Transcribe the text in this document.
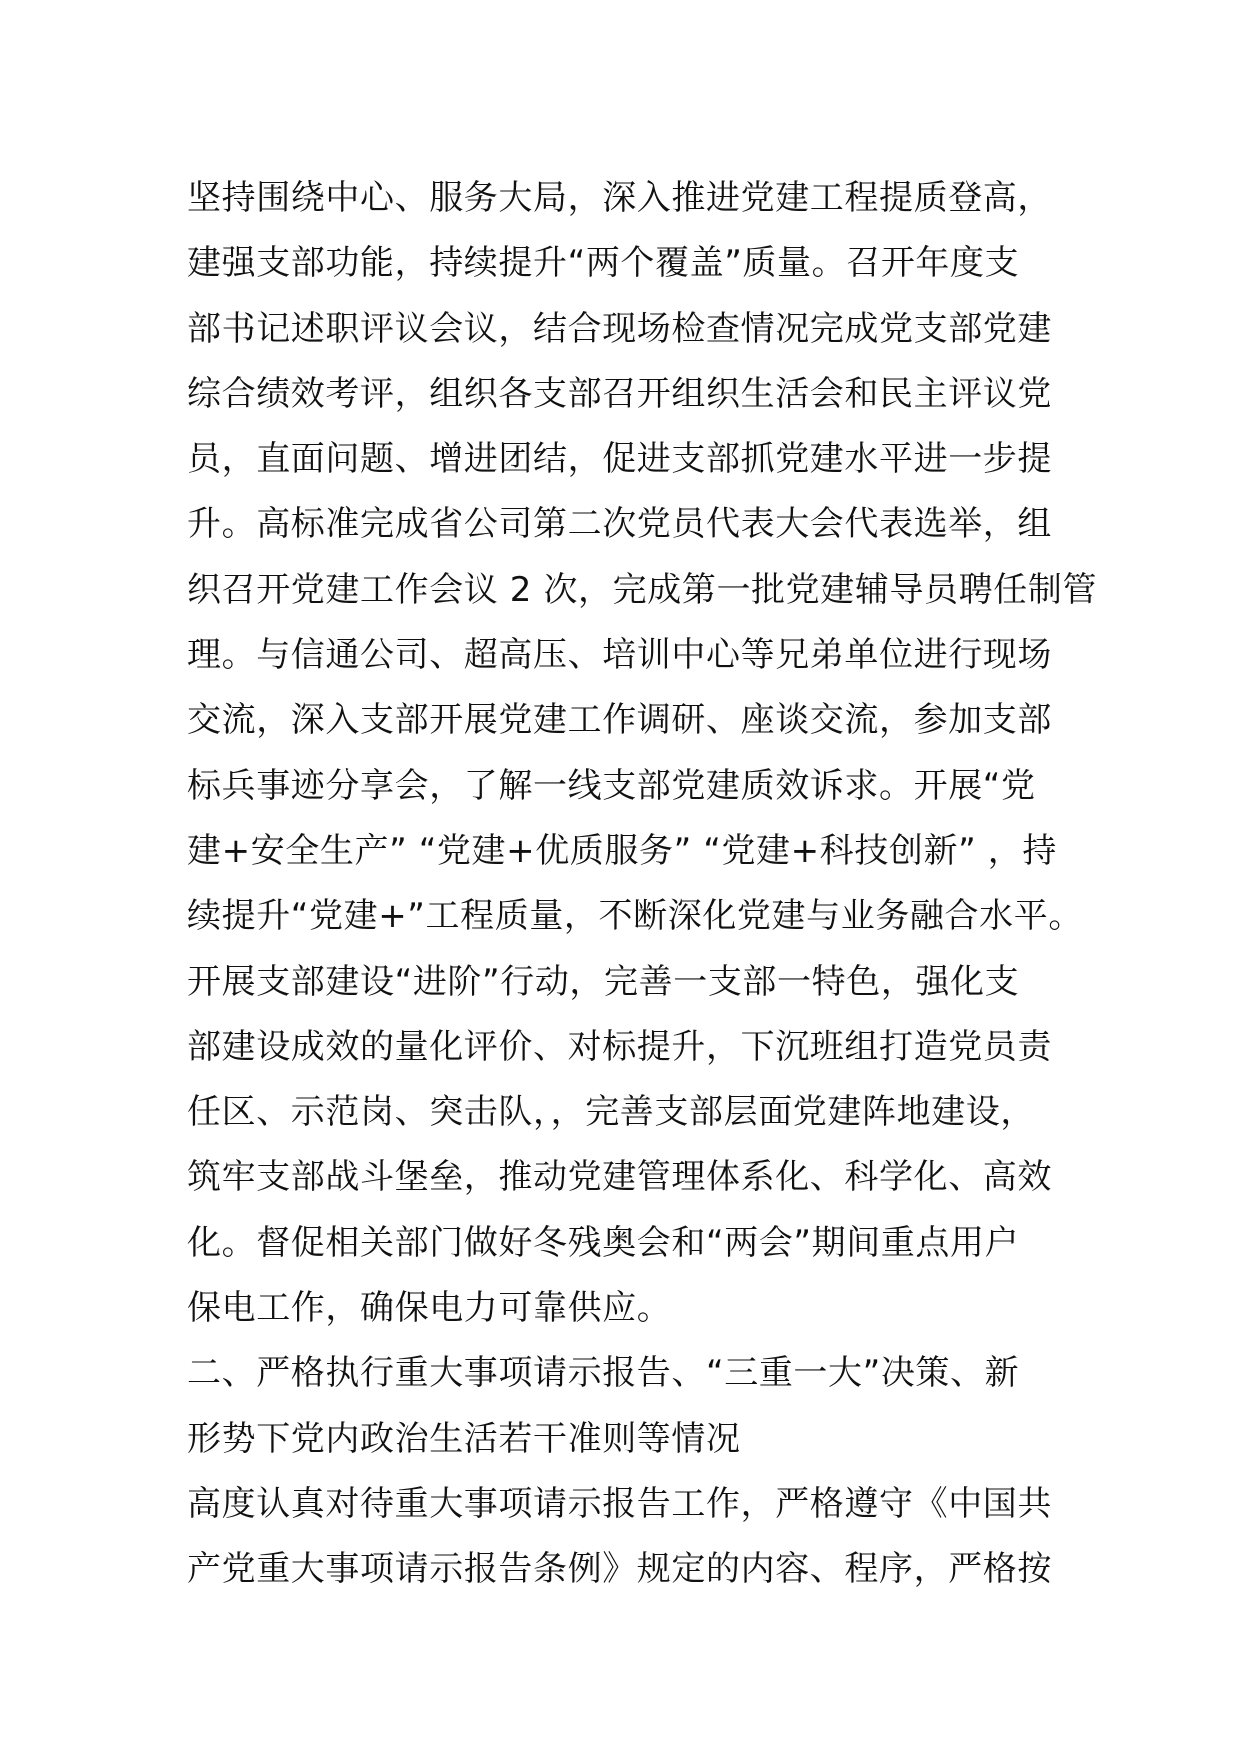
坚持围绕中心、服务大局，深入推进党建工程提质登高，
建强支部功能，持续提升“两个覆盖”质量。召开年度支
部书记述职评议会议，结合现场检查情况完成党支部党建
综合绩效考评，组织各支部召开组织生活会和民主评议党
员，直面问题、增进团结，促进支部抓党建水平进一步提
升。高标准完成省公司第二次党员代表大会代表选举，组
织召开党建工作会议 2 次，完成第一批党建辅导员聘任制管
理。与信通公司、超高压、培训中心等兄弟单位进行现场
交流，深入支部开展党建工作调研、座谈交流，参加支部
标兵事迹分享会，了解一线支部党建质效诉求。开展“党
建+安全生产” “党建+优质服务” “党建+科技创新” ，持
续提升“党建+”工程质量，不断深化党建与业务融合水平。
开展支部建设“进阶”行动，完善一支部一特色，强化支
部建设成效的量化评价、对标提升，下沉班组打造党员责
任区、示范岗、突击队，，完善支部层面党建阵地建设，
筑牢支部战斗堡垒，推动党建管理体系化、科学化、高效
化。督促相关部门做好冬残奥会和“两会”期间重点用户
保电工作，确保电力可靠供应。
二、严格执行重大事项请示报告、“三重一大”决策、新
形势下党内政治生活若干准则等情况
高度认真对待重大事项请示报告工作，严格遵守《中国共
产党重大事项请示报告条例》规定的内容、程序，严格按
